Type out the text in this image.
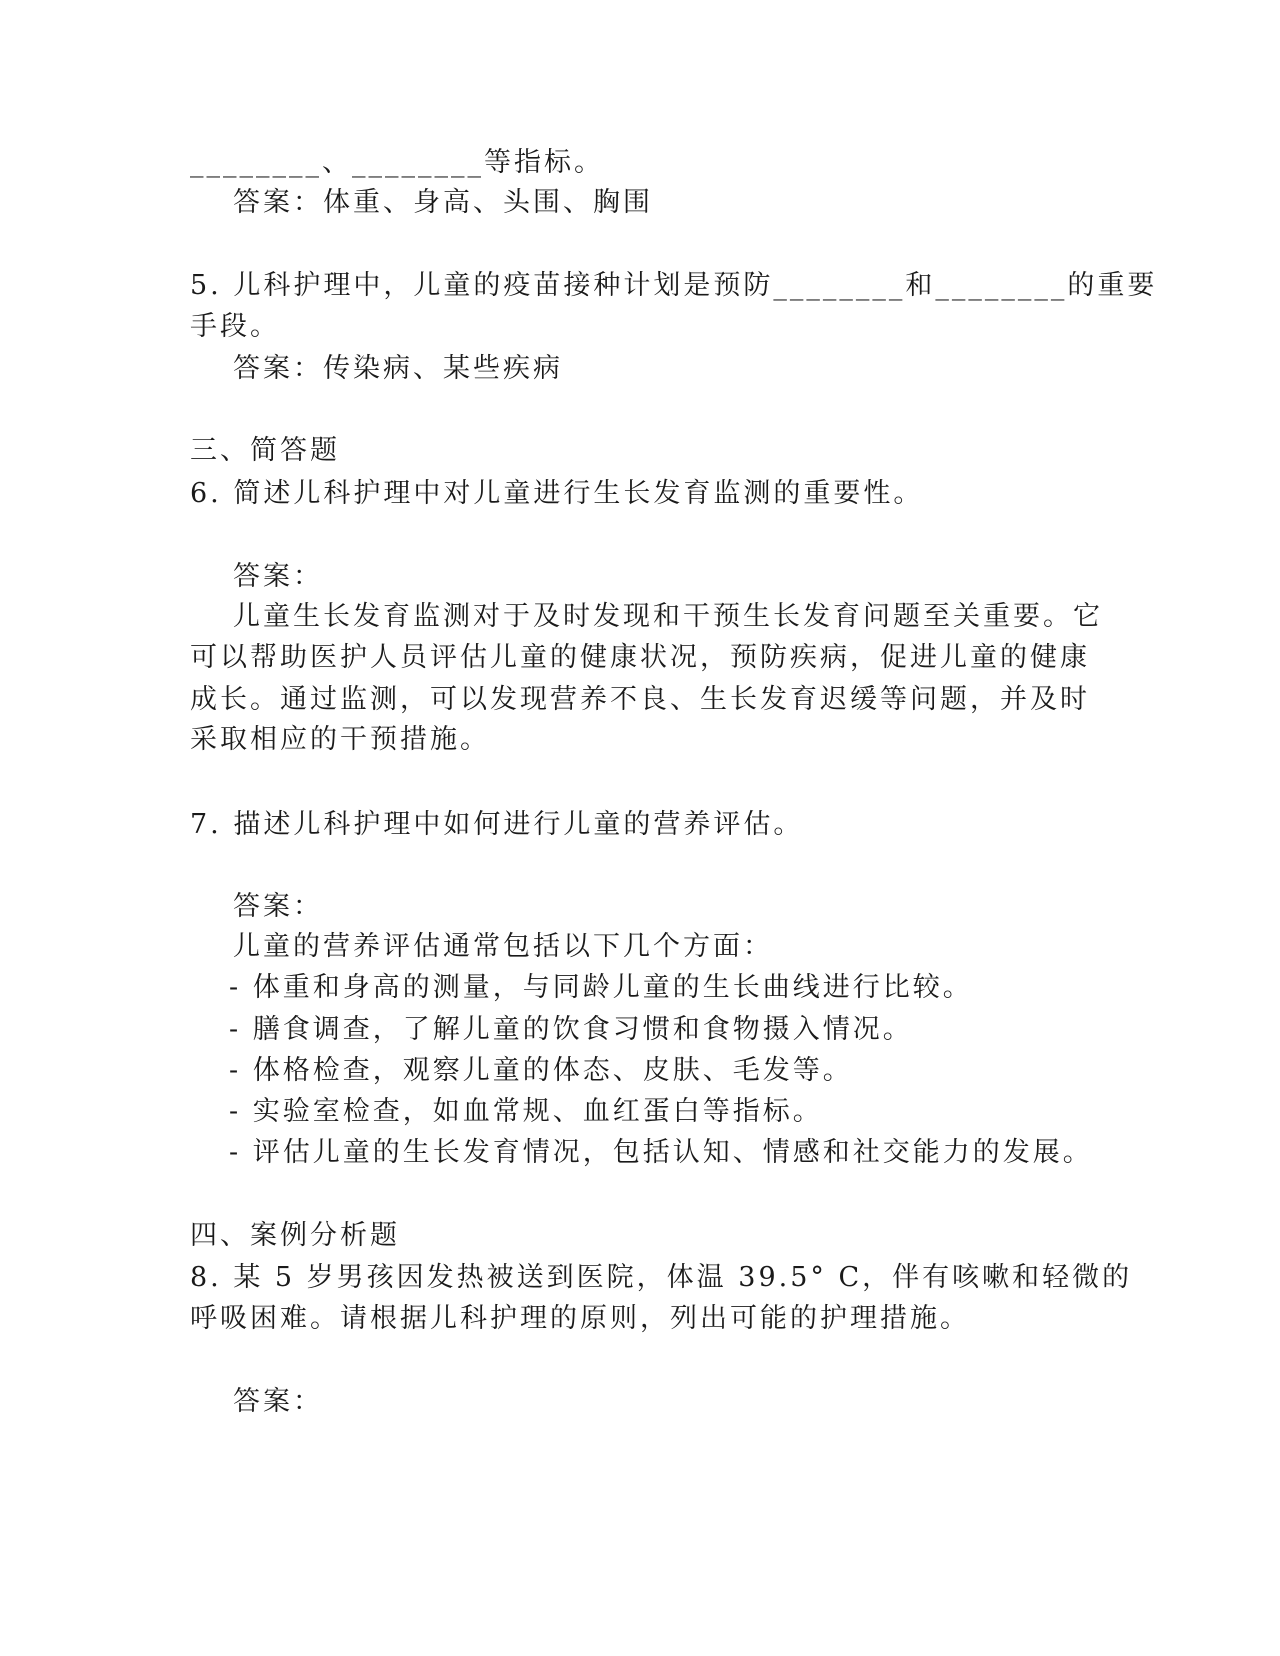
________、________等指标。
答案：体重、身高、头围、胸围
5. 儿科护理中，儿童的疫苗接种计划是预防________和________的重要
手段。
答案：传染病、某些疾病
三、简答题
6. 简述儿科护理中对儿童进行生长发育监测的重要性。
答案：
儿童生长发育监测对于及时发现和干预生长发育问题至关重要。它
可以帮助医护人员评估儿童的健康状况，预防疾病，促进儿童的健康
成长。通过监测，可以发现营养不良、生长发育迟缓等问题，并及时
采取相应的干预措施。
7. 描述儿科护理中如何进行儿童的营养评估。
答案：
儿童的营养评估通常包括以下几个方面：
- 体重和身高的测量，与同龄儿童的生长曲线进行比较。
- 膳食调查，了解儿童的饮食习惯和食物摄入情况。
- 体格检查，观察儿童的体态、皮肤、毛发等。
- 实验室检查，如血常规、血红蛋白等指标。
- 评估儿童的生长发育情况，包括认知、情感和社交能力的发展。
四、案例分析题
8. 某 5 岁男孩因发热被送到医院，体温 39.5° C，伴有咳嗽和轻微的
呼吸困难。请根据儿科护理的原则，列出可能的护理措施。
答案：
